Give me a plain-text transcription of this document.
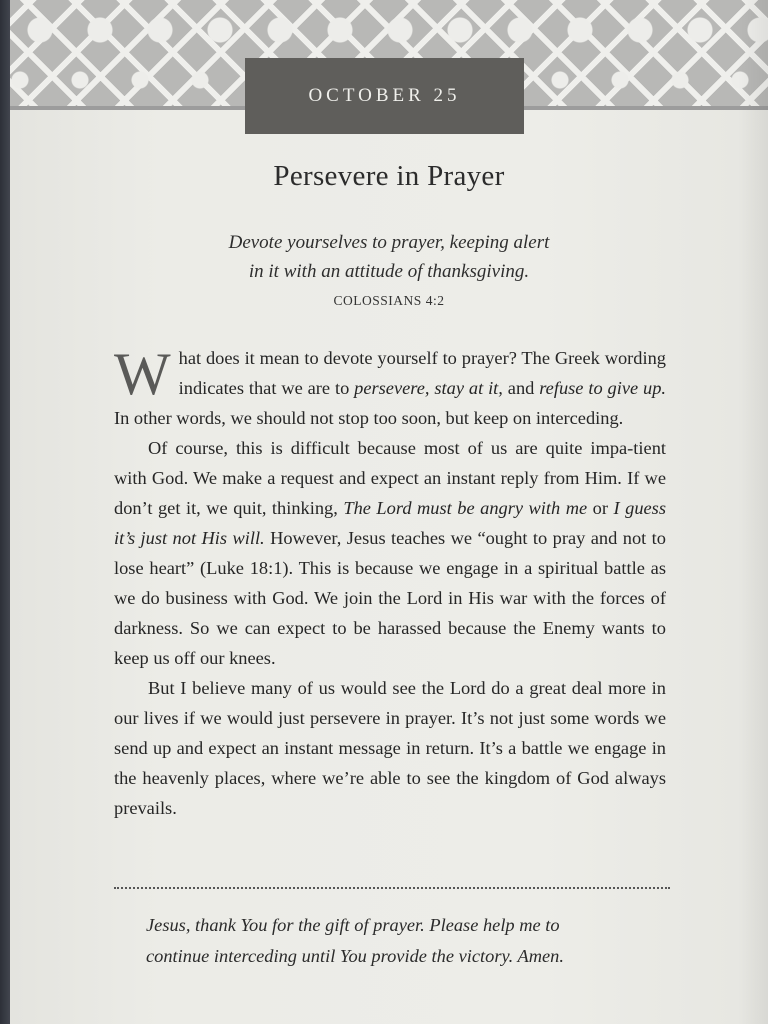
OCTOBER 25
Persevere in Prayer
Devote yourselves to prayer, keeping alert
in it with an attitude of thanksgiving.
COLOSSIANS 4:2

What does it mean to devote yourself to prayer? The Greek wording indicates that we are to persevere, stay at it, and refuse to give up. In other words, we should not stop too soon, but keep on interceding.

Of course, this is difficult because most of us are quite impa-tient with God. We make a request and expect an instant reply from Him. If we don’t get it, we quit, thinking, The Lord must be angry with me or I guess it’s just not His will. However, Jesus teaches we “ought to pray and not to lose heart” (Luke 18:1). This is because we engage in a spiritual battle as we do business with God. We join the Lord in His war with the forces of darkness. So we can expect to be harassed because the Enemy wants to keep us off our knees.

But I believe many of us would see the Lord do a great deal more in our lives if we would just persevere in prayer. It’s not just some words we send up and expect an instant message in return. It’s a battle we engage in the heavenly places, where we’re able to see the kingdom of God always prevails.

Jesus, thank You for the gift of prayer. Please help me to
continue interceding until You provide the victory. Amen.
